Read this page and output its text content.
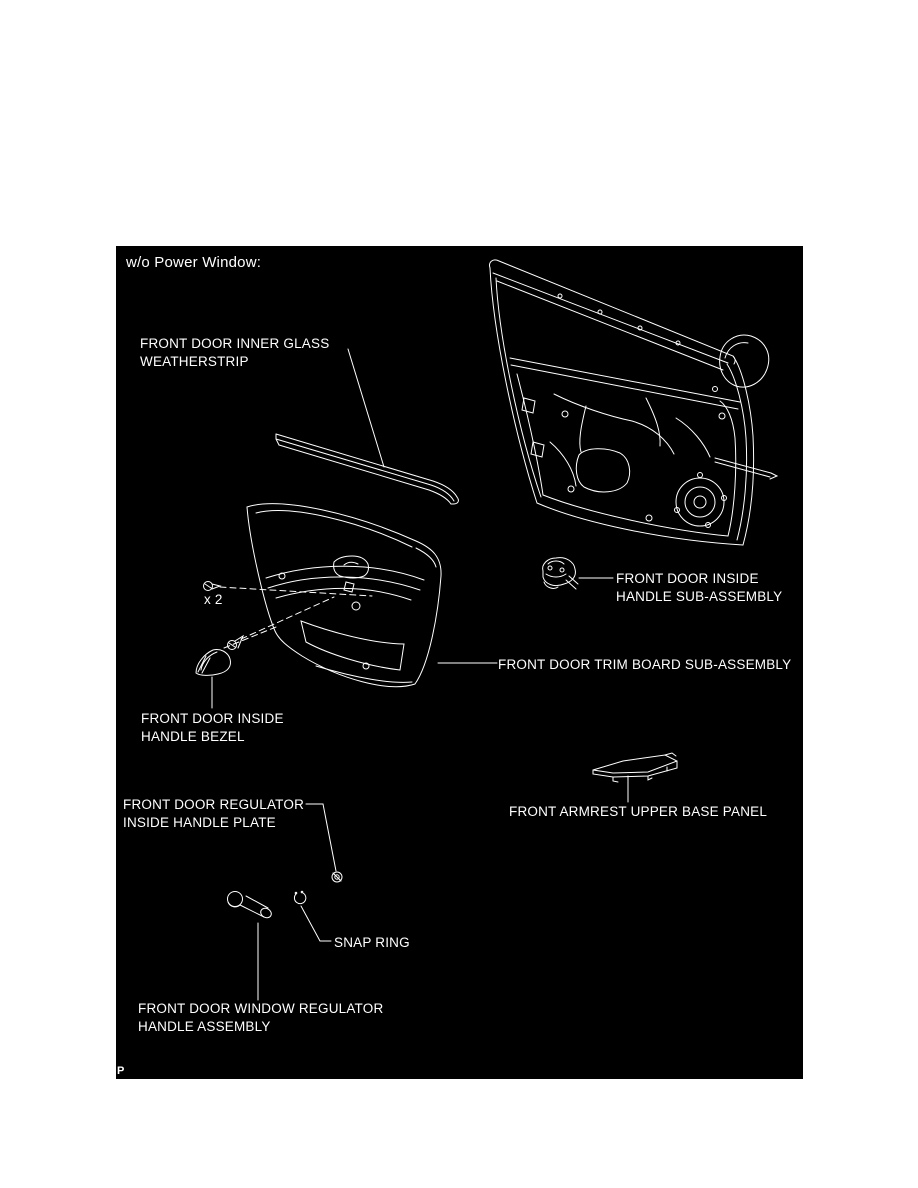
w/o Power Window:
FRONT DOOR INNER GLASS
WEATHERSTRIP
FRONT DOOR INSIDE
HANDLE SUB-ASSEMBLY
FRONT DOOR TRIM BOARD SUB-ASSEMBLY
x 2
FRONT DOOR INSIDE
HANDLE BEZEL
FRONT DOOR REGULATOR
INSIDE HANDLE PLATE
FRONT ARMREST UPPER BASE PANEL
SNAP RING
FRONT DOOR WINDOW REGULATOR
HANDLE ASSEMBLY
P
